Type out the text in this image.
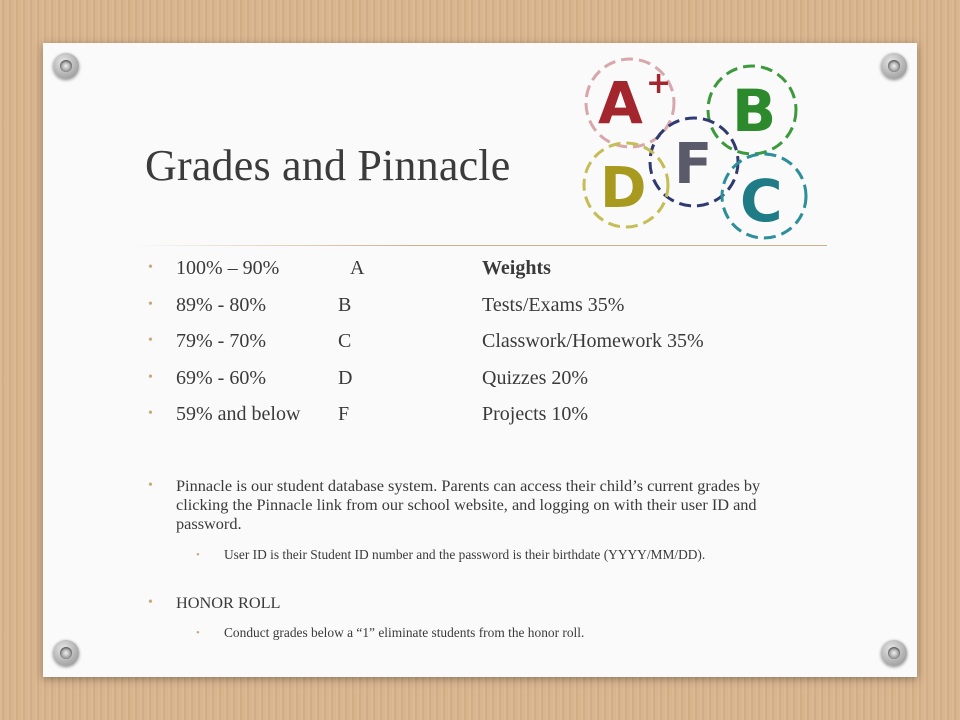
A + B
F
D C
Grades and Pinnacle
• 100% – 90%	A	Weights
• 89% - 80%	B	Tests/Exams 35%
• 79% - 70%	C	Classwork/Homework 35%
• 69% - 60%	D	Quizzes 20%
• 59% and below F	Projects 10%

• Pinnacle is our student database system. Parents can access their child’s current grades by clicking the Pinnacle link from our school website, and logging on with their user ID and password.

• User ID is their Student ID number and the password is their birthdate (YYYY/MM/DD).

• HONOR ROLL

• Conduct grades below a “1” eliminate students from the honor roll.
